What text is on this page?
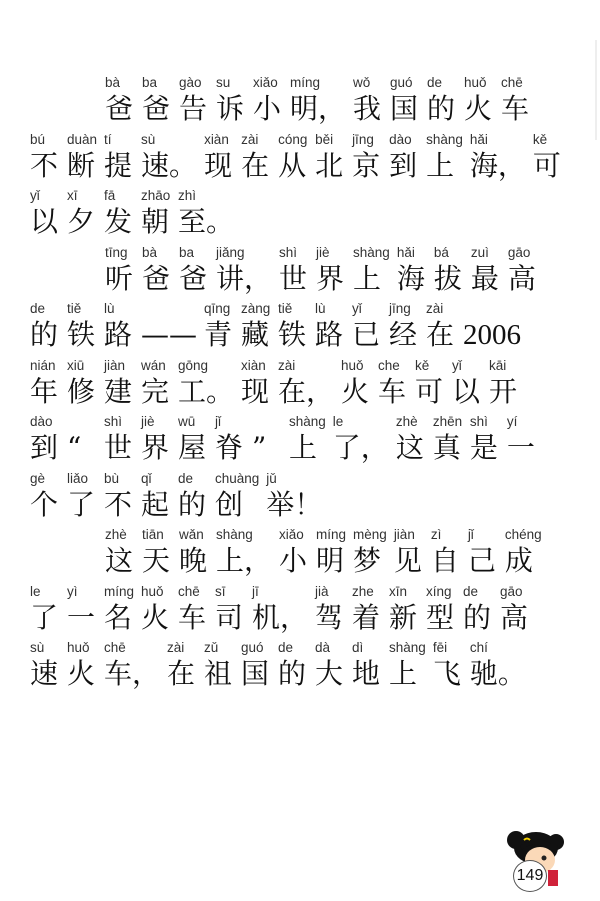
bà
爸
ba
爸
gào
告
su
诉
xiǎo
小
míng
明，
wǒ
我
guó
国
de
的
huǒ
火
chē
车
bú
不
duàn
断
tí
提
sù
速。
xiàn
现
zài
在
cóng
从
běi
北
jīng
京
dào
到
shàng
上
hǎi
海，
kě
可
yǐ
以
xī
夕
fā
发
zhāo
朝
zhì
至。
tīng
听
bà
爸
ba
爸
jiǎng
讲，
shì
世
jiè
界
shàng
上
hǎi
海
bá
拔
zuì
最
gāo
高
de
的
tiě
铁
lù
路 ——
qīng
青
zàng
藏
tiě
铁
lù
路
yǐ
已
jīng
经
zài
在 2006
nián
年
xiū
修
jiàn
建
wán
完
gōng
工。
xiàn
现
zài
在，
huǒ
火
che
车
kě
可
yǐ
以
kāi
开
dào
到 “
shì
世
jiè
界
wū
屋
jǐ
脊 ”
shàng
上
le
了，
zhè
这
zhēn
真
shì
是
yí
一
gè
个
liǎo
了
bù
不
qǐ
起
de
的
chuàng
创
jǔ
举！
zhè
这
tiān
天
wǎn
晚
shàng
上，
xiǎo
小
míng
明
mèng
梦
jiàn
见
zì
自
jǐ
己
chéng
成
le
了
yì
一
míng
名
huǒ
火
chē
车
sī
司
jī
机，
jià
驾
zhe
着
xīn
新
xíng
型
de
的
gāo
高
sù
速
huǒ
火
chē
车，
zài
在
zǔ
祖
guó
国
de
的
dà
大
dì
地
shàng
上
fēi
飞
chí
驰。
149
